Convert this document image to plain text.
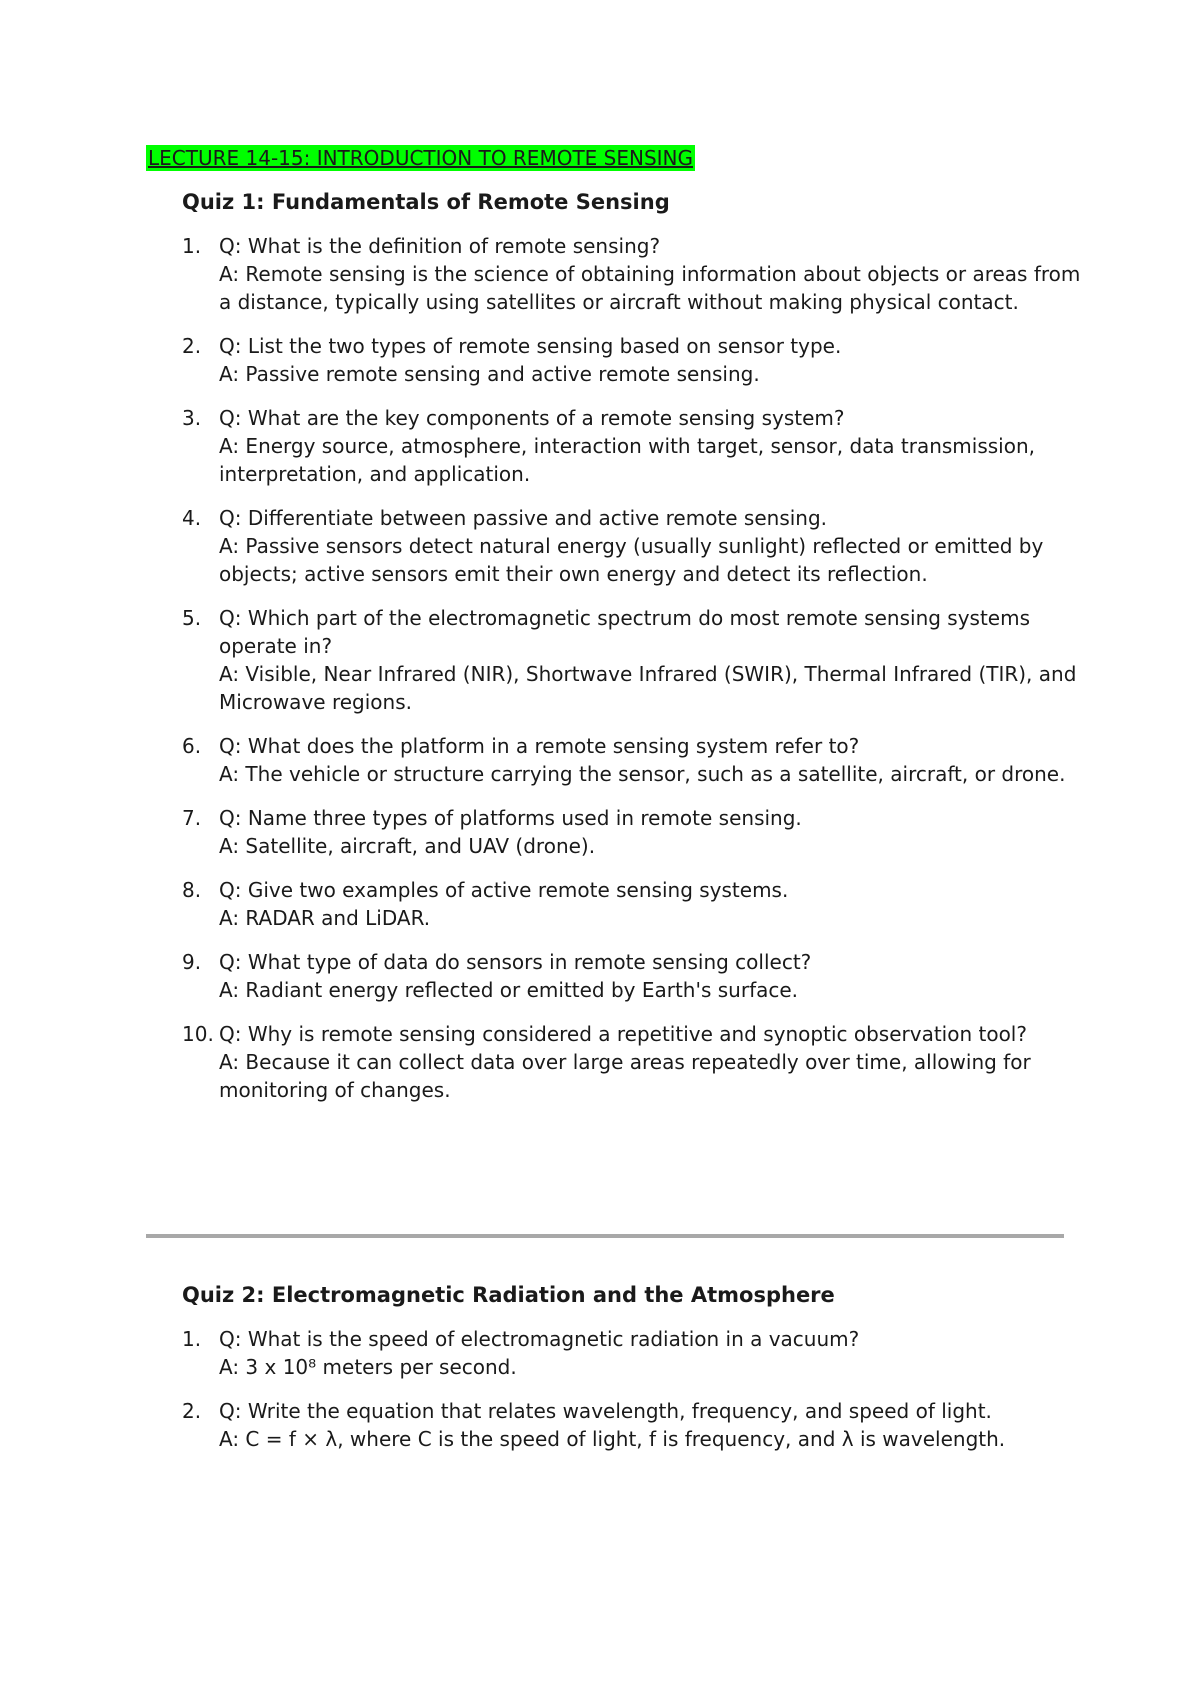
LECTURE 14-15: INTRODUCTION TO REMOTE SENSING
Quiz 1: Fundamentals of Remote Sensing
1. Q: What is the definition of remote sensing?
A: Remote sensing is the science of obtaining information about objects or areas from a distance, typically using satellites or aircraft without making physical contact.
2. Q: List the two types of remote sensing based on sensor type.
A: Passive remote sensing and active remote sensing.
3. Q: What are the key components of a remote sensing system?
A: Energy source, atmosphere, interaction with target, sensor, data transmission, interpretation, and application.
4. Q: Differentiate between passive and active remote sensing.
A: Passive sensors detect natural energy (usually sunlight) reflected or emitted by objects; active sensors emit their own energy and detect its reflection.
5. Q: Which part of the electromagnetic spectrum do most remote sensing systems operate in?
A: Visible, Near Infrared (NIR), Shortwave Infrared (SWIR), Thermal Infrared (TIR), and Microwave regions.
6. Q: What does the platform in a remote sensing system refer to?
A: The vehicle or structure carrying the sensor, such as a satellite, aircraft, or drone.
7. Q: Name three types of platforms used in remote sensing.
A: Satellite, aircraft, and UAV (drone).
8. Q: Give two examples of active remote sensing systems.
A: RADAR and LiDAR.
9. Q: What type of data do sensors in remote sensing collect?
A: Radiant energy reflected or emitted by Earth's surface.
10. Q: Why is remote sensing considered a repetitive and synoptic observation tool?
A: Because it can collect data over large areas repeatedly over time, allowing for monitoring of changes.
Quiz 2: Electromagnetic Radiation and the Atmosphere
1. Q: What is the speed of electromagnetic radiation in a vacuum?
A: 3 x 10⁸ meters per second.
2. Q: Write the equation that relates wavelength, frequency, and speed of light.
A: C = f × λ, where C is the speed of light, f is frequency, and λ is wavelength.
